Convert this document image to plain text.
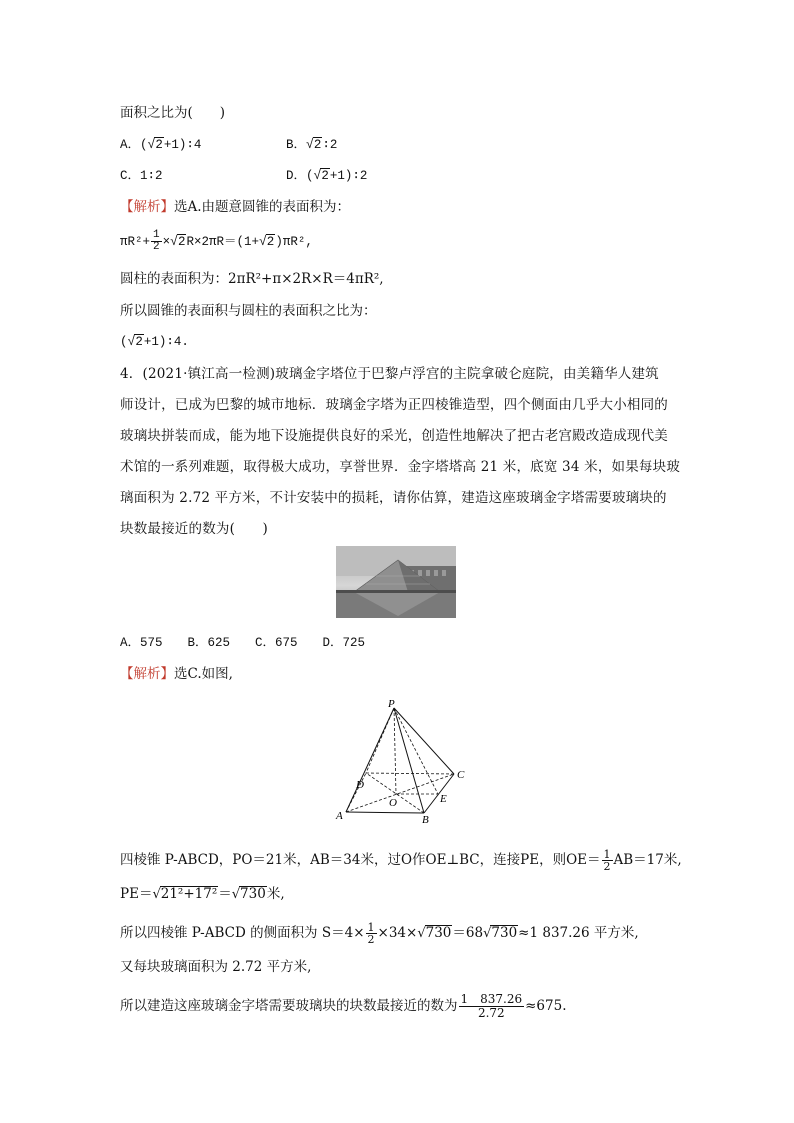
面积之比为(　　)
A．(√2+1)∶4	B．√2∶2
C．1∶2	D．(√2+1)∶2
【解析】选A.由题意圆锥的表面积为：
$\pi R^2+ \frac{1}{2} \times√2R\times 2\pi R=(1+√2)\pi R^2$,
圆柱的表面积为：2πR²+π×2R×R＝4πR²,
所以圆锥的表面积与圆柱的表面积之比为：
(√2+1)∶4.
4．(2021·镇江高一检测)玻璃金字塔位于巴黎卢浮宫的主院拿破仑庭院，由美籍华人建筑
师设计，已成为巴黎的城市地标．玻璃金字塔为正四棱锥造型，四个侧面由几乎大小相同的
玻璃块拼装而成，能为地下设施提供良好的采光，创造性地解决了把古老宫殿改造成现代美
术馆的一系列难题，取得极大成功，享誉世界．金字塔塔高 21 米，底宽 34 米，如果每块玻
璃面积为 2.72 平方米，不计安装中的损耗，请你估算，建造这座玻璃金字塔需要玻璃块的
块数最接近的数为(　　)
A．575　　B．625　　C．675　　D．725
【解析】选C.如图,
P
A	B
C
D
E
O
四棱锥 P-ABCD，PO＝21米，AB＝34米，过O作OE⊥BC，连接PE，则$OE= \frac{1}{2} AB=17$米,
PE＝√21²+17²＝√730米,
所以四棱锥 P-ABCD 的侧面积为 $S=4\times \frac{1}{2} \times 34\times√730=68√730\approx 1$ 837.26 平方米,
又每块玻璃面积为 2.72 平方米,
所以建造这座玻璃金字塔需要玻璃块的块数最接近的数为 $\frac{1 837.26}{2.72} \approx 675$.
